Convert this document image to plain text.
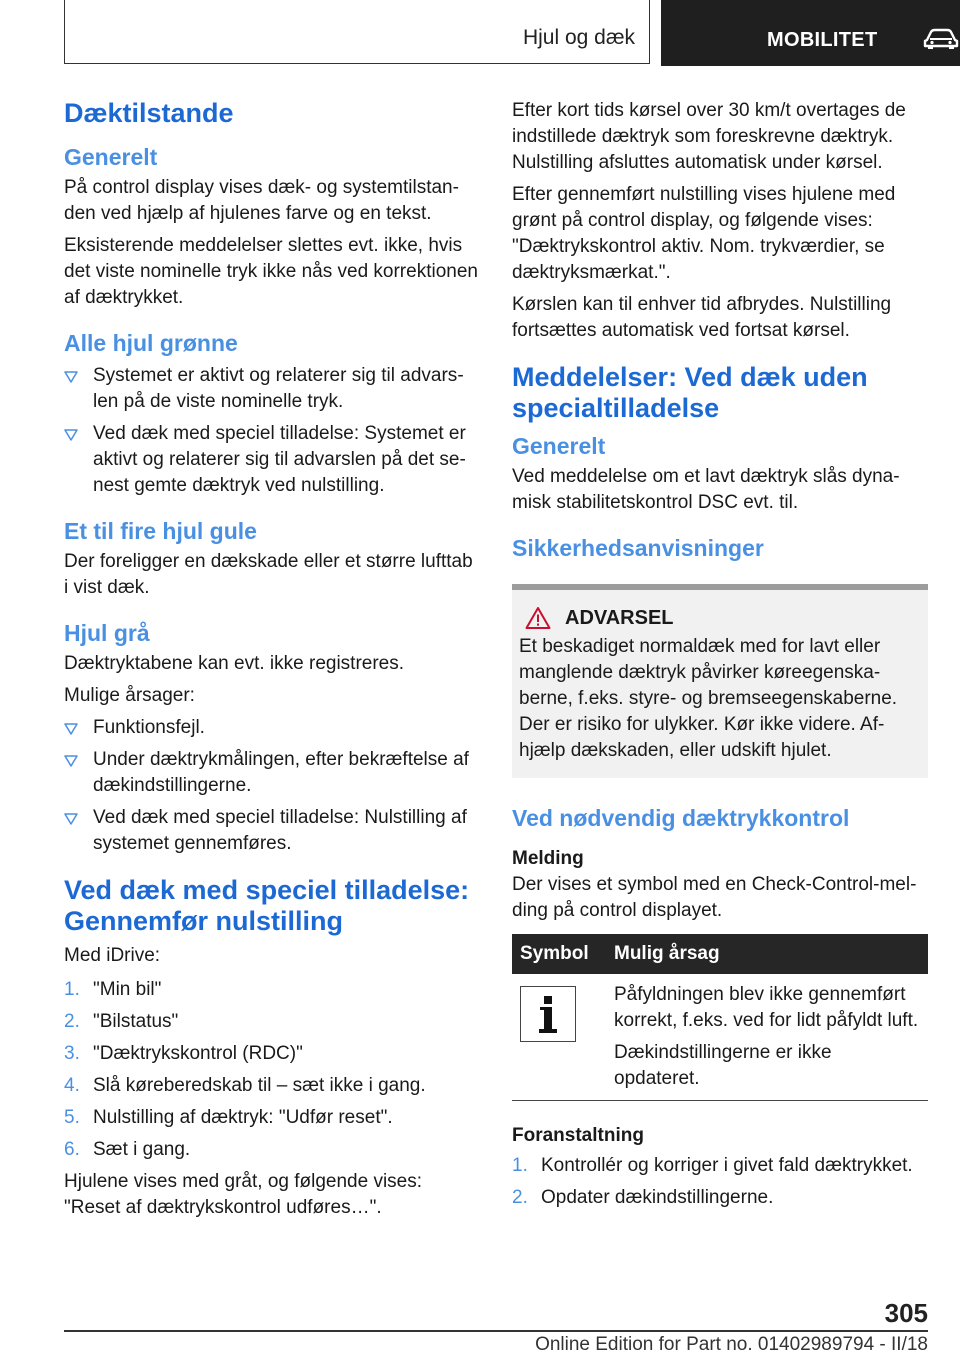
Hjul og dæk	MOBILITET
Dæktilstande
Generelt
På control display vises dæk- og systemtilstanden ved hjælp af hjulenes farve og en tekst.
Eksisterende meddelelser slettes evt. ikke, hvis det viste nominelle tryk ikke nås ved korrektionen af dæktrykket.
Alle hjul grønne
Systemet er aktivt og relaterer sig til advarslen på de viste nominelle tryk.
Ved dæk med speciel tilladelse: Systemet er aktivt og relaterer sig til advarslen på det senest gemte dæktryk ved nulstilling.
Et til fire hjul gule
Der foreligger en dækskade eller et større lufttab i vist dæk.
Hjul grå
Dæktryktabene kan evt. ikke registreres.
Mulige årsager:
Funktionsfejl.
Under dæktrykmålingen, efter bekræftelse af dækindstillingerne.
Ved dæk med speciel tilladelse: Nulstilling af systemet gennemføres.
Ved dæk med speciel tilladelse: Gennemfør nulstilling
Med iDrive:
1. "Min bil"
2. "Bilstatus"
3. "Dæktrykskontrol (RDC)"
4. Slå køreberedskab til – sæt ikke i gang.
5. Nulstilling af dæktryk: "Udfør reset".
6. Sæt i gang.
Hjulene vises med gråt, og følgende vises: "Reset af dæktrykskontrol udføres…".
Efter kort tids kørsel over 30 km/t overtages de indstillede dæktryk som foreskrevne dæktryk. Nulstilling afsluttes automatisk under kørsel.
Efter gennemført nulstilling vises hjulene med grønt på control display, og følgende vises: "Dæktrykskontrol aktiv. Nom. trykværdier, se dæktryksmærkat.".
Kørslen kan til enhver tid afbrydes. Nulstilling fortsættes automatisk ved fortsat kørsel.
Meddelelser: Ved dæk uden specialtilladelse
Generelt
Ved meddelelse om et lavt dæktryk slås dynamisk stabilitetskontrol DSC evt. til.
Sikkerhedsanvisninger
ADVARSEL
Et beskadiget normaldæk med for lavt eller manglende dæktryk påvirker køreegenskaberne, f.eks. styre- og bremseegenskaberne. Der er risiko for ulykker. Kør ikke videre. Afhjælp dækskaden, eller udskift hjulet.
Ved nødvendig dæktrykkontrol
Melding
Der vises et symbol med en Check-Control-melding på control displayet.
Symbol	Mulig årsag

	Påfyldningen blev ikke gennemført korrekt, f.eks. ved for lidt påfyldt luft.
Dækindstillingerne er ikke opdateret.
Foranstaltning
1. Kontrollér og korriger i givet fald dæktrykket.
2. Opdater dækindstillingerne.
305
Online Edition for Part no. 01402989794 - II/18
